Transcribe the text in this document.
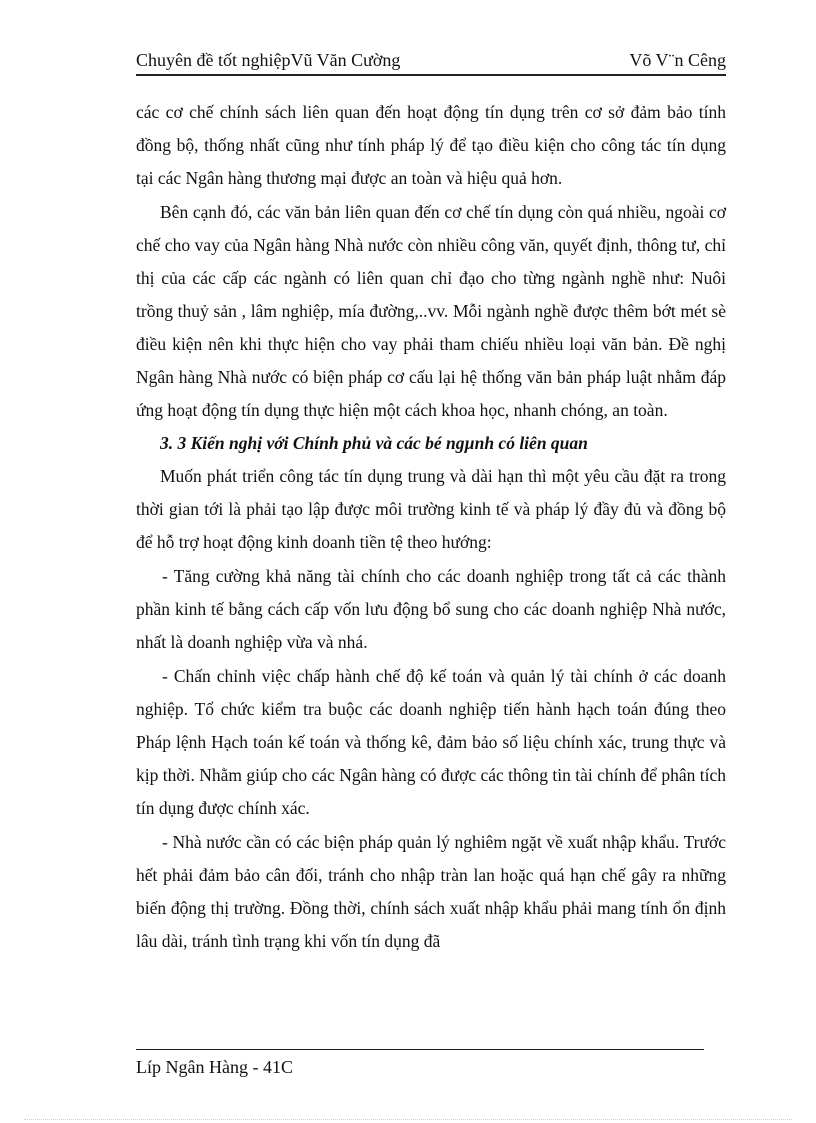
Chuyên đề tốt nghiệpVũ Văn Cường	Võ V¨n Cêng

các cơ chế chính sách liên quan đến hoạt động tín dụng trên cơ sở đảm bảo tính đồng bộ, thống nhất cũng như tính pháp lý để tạo điều kiện cho công tác tín dụng tại các Ngân hàng thương mại được an toàn và hiệu quả hơn.

Bên cạnh đó, các văn bản liên quan đến cơ chế tín dụng còn quá nhiều, ngoài cơ chế cho vay của Ngân hàng Nhà nước còn nhiều công văn, quyết định, thông tư, chỉ thị của các cấp các ngành có liên quan chỉ đạo cho từng ngành nghề như: Nuôi trồng thuỷ sản , lâm nghiệp, mía đường,..vv. Mỗi ngành nghề được thêm bớt mét sè điều kiện nên khi thực hiện cho vay phải tham chiếu nhiều loại văn bản. Đề nghị Ngân hàng Nhà nước có biện pháp cơ cấu lại hệ thống văn bản pháp luật nhằm đáp ứng hoạt động tín dụng thực hiện một cách khoa học, nhanh chóng, an toàn.

3. 3 Kiến nghị với Chính phủ và các bé ngµnh có liên quan

Muốn phát triển công tác tín dụng trung và dài hạn thì một yêu cầu đặt ra trong thời gian tới là phải tạo lập được môi trường kinh tế và pháp lý đầy đủ và đồng bộ để hỗ trợ hoạt động kinh doanh tiền tệ theo hướng:

- Tăng cường khả năng tài chính cho các doanh nghiệp trong tất cả các thành phần kinh tế bằng cách cấp vốn lưu động bổ sung cho các doanh nghiệp Nhà nước, nhất là doanh nghiệp vừa và nhá.

- Chấn chỉnh việc chấp hành chế độ kế toán và quản lý tài chính ở các doanh nghiệp. Tổ chức kiểm tra buộc các doanh nghiệp tiến hành hạch toán đúng theo Pháp lệnh Hạch toán kế toán và thống kê, đảm bảo số liệu chính xác, trung thực và kịp thời. Nhằm giúp cho các Ngân hàng có được các thông tin tài chính để phân tích tín dụng được chính xác.

- Nhà nước cần có các biện pháp quản lý nghiêm ngặt về xuất nhập khẩu. Trước hết phải đảm bảo cân đối, tránh cho nhập tràn lan hoặc quá hạn chế gây ra những biến động thị trường. Đồng thời, chính sách xuất nhập khẩu phải mang tính ổn định lâu dài, tránh tình trạng khi vốn tín dụng đã

Líp Ngân Hàng - 41C
